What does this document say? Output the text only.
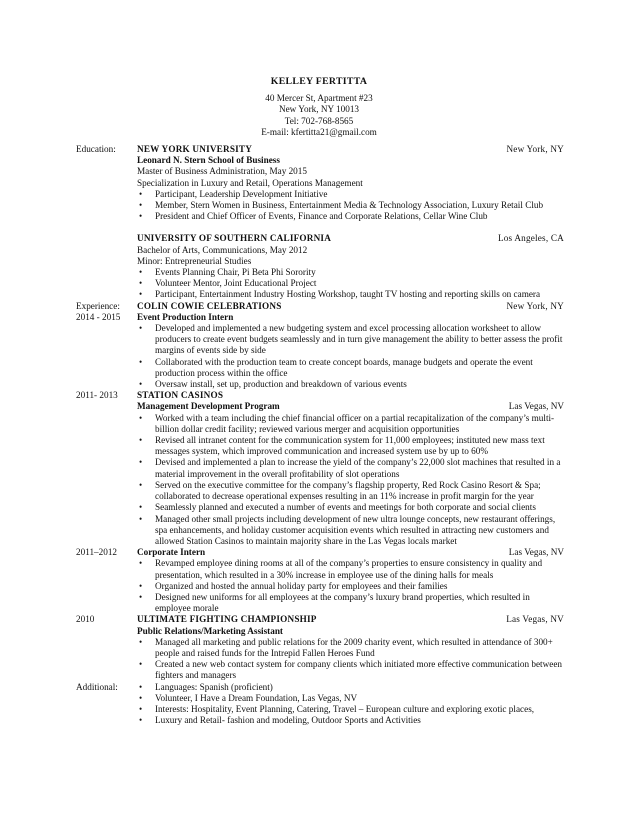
KELLEY FERTITTA
40 Mercer St, Apartment #23
New York, NY 10013
Tel: 702-768-8565
E-mail: kfertitta21@gmail.com
Education:	NEW YORK UNIVERSITY	New York, NY
Leonard N. Stern School of Business
Master of Business Administration, May 2015
Specialization in Luxury and Retail, Operations Management
• Participant, Leadership Development Initiative
• Member, Stern Women in Business, Entertainment Media & Technology Association, Luxury Retail Club
• President and Chief Officer of Events, Finance and Corporate Relations, Cellar Wine Club
UNIVERSITY OF SOUTHERN CALIFORNIA	Los Angeles, CA
Bachelor of Arts, Communications, May 2012
Minor: Entrepreneurial Studies
• Events Planning Chair, Pi Beta Phi Sorority
• Volunteer Mentor, Joint Educational Project
• Participant, Entertainment Industry Hosting Workshop, taught TV hosting and reporting skills on camera
Experience:
2014 - 2015
COLIN COWIE CELEBRATIONS	New York, NY
Event Production Intern
• Developed and implemented a new budgeting system and excel processing allocation worksheet to allow producers to create event budgets seamlessly and in turn give management the ability to better assess the profit margins of events side by side
• Collaborated with the production team to create concept boards, manage budgets and operate the event production process within the office
• Oversaw install, set up, production and breakdown of various events
2011- 2013	STATION CASINOS
Management Development Program	Las Vegas, NV
• Worked with a team including the chief financial officer on a partial recapitalization of the company’s multi-billion dollar credit facility; reviewed various merger and acquisition opportunities
• Revised all intranet content for the communication system for 11,000 employees; instituted new mass text messages system, which improved communication and increased system use by up to 60%
• Devised and implemented a plan to increase the yield of the company’s 22,000 slot machines that resulted in a material improvement in the overall profitability of slot operations
• Served on the executive committee for the company’s flagship property, Red Rock Casino Resort & Spa; collaborated to decrease operational expenses resulting in an 11% increase in profit margin for the year
• Seamlessly planned and executed a number of events and meetings for both corporate and social clients
• Managed other small projects including development of new ultra lounge concepts, new restaurant offerings, spa enhancements, and holiday customer acquisition events which resulted in attracting new customers and allowed Station Casinos to maintain majority share in the Las Vegas locals market
2011–2012	Corporate Intern	Las Vegas, NV
• Revamped employee dining rooms at all of the company’s properties to ensure consistency in quality and presentation, which resulted in a 30% increase in employee use of the dining halls for meals
• Organized and hosted the annual holiday party for employees and their families
• Designed new uniforms for all employees at the company’s luxury brand properties, which resulted in employee morale
2010	ULTIMATE FIGHTING CHAMPIONSHIP	Las Vegas, NV
Public Relations/Marketing Assistant
• Managed all marketing and public relations for the 2009 charity event, which resulted in attendance of 300+ people and raised funds for the Intrepid Fallen Heroes Fund
• Created a new web contact system for company clients which initiated more effective communication between fighters and managers
Additional:
•	Languages: Spanish (proficient)
• Volunteer, I Have a Dream Foundation, Las Vegas, NV
• Interests: Hospitality, Event Planning, Catering, Travel – European culture and exploring exotic places,
• Luxury and Retail- fashion and modeling, Outdoor Sports and Activities
